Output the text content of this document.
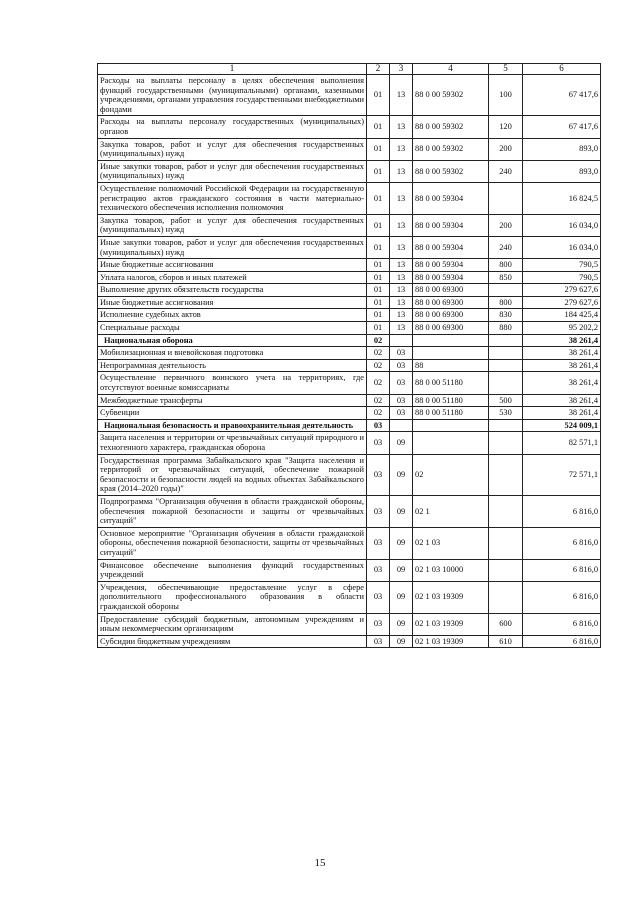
1	2	3	4	5	6
Расходы на выплаты персоналу в целях обеспечения выполнения функций государственными (муниципальными) органами, казенными учреждениями, органами управления государственными внебюджетными фондами	01	13	88 0 00 59302	100	67 417,6
Расходы на выплаты персоналу государственных (муниципальных) органов	01	13	88 0 00 59302	120	67 417,6
Закупка товаров, работ и услуг для обеспечения государственных (муниципальных) нужд	01	13	88 0 00 59302	200	893,0
Иные закупки товаров, работ и услуг для обеспечения государственных (муниципальных) нужд	01	13	88 0 00 59302	240	893,0
Осуществление полномочий Российской Федерации на государственную регистрацию актов гражданского состояния в части материально-технического обеспечения исполнения полномочия	01	13	88 0 00 59304		16 824,5
Закупка товаров, работ и услуг для обеспечения государственных (муниципальных) нужд	01	13	88 0 00 59304	200	16 034,0
Иные закупки товаров, работ и услуг для обеспечения государственных (муниципальных) нужд	01	13	88 0 00 59304	240	16 034,0
Иные бюджетные ассигнования	01	13	88 0 00 59304	800	790,5
Уплата налогов, сборов и иных платежей	01	13	88 0 00 59304	850	790,5
Выполнение других обязательств государства	01	13	88 0 00 69300		279 627,6
Иные бюджетные ассигнования	01	13	88 0 00 69300	800	279 627,6
Исполнение судебных актов	01	13	88 0 00 69300	830	184 425,4
Специальные расходы	01	13	88 0 00 69300	880	95 202,2
Национальная оборона	02				38 261,4
Мобилизационная и вневойсковая подготовка	02	03			38 261,4
Непрограммная деятельность	02	03	88		38 261,4
Осуществление первичного воинского учета на территориях, где отсутствуют военные комиссариаты	02	03	88 0 00 51180		38 261,4
Межбюджетные трансферты	02	03	88 0 00 51180	500	38 261,4
Субвенции	02	03	88 0 00 51180	530	38 261,4
Национальная безопасность и правоохранительная деятельность	03				524 009,1
Защита населения и территории от чрезвычайных ситуаций природного и техногенного характера, гражданская оборона	03	09			82 571,1
Государственная программа Забайкальского края "Защита населения и территорий от чрезвычайных ситуаций, обеспечение пожарной безопасности и безопасности людей на водных объектах Забайкальского края (2014–2020 годы)"	03	09	02		72 571,1
Подпрограмма "Организация обучения в области гражданской обороны, обеспечения пожарной безопасности и защиты от чрезвычайных ситуаций"	03	09	02 1		6 816,0
Основное мероприятие "Организация обучения в области гражданской обороны, обеспечения пожарной безопасности, защиты от чрезвычайных ситуаций"	03	09	02 1 03		6 816,0
Финансовое обеспечение выполнения функций государственных учреждений	03	09	02 1 03 10000		6 816,0
Учреждения, обеспечивающие предоставление услуг в сфере дополнительного профессионального образования в области гражданской обороны	03	09	02 1 03 19309		6 816,0
Предоставление субсидий бюджетным, автономным учреждениям и иным некоммерческим организациям	03	09	02 1 03 19309	600	6 816,0
Субсидии бюджетным учреждениям	03	09	02 1 03 19309	610	6 816,0
15
